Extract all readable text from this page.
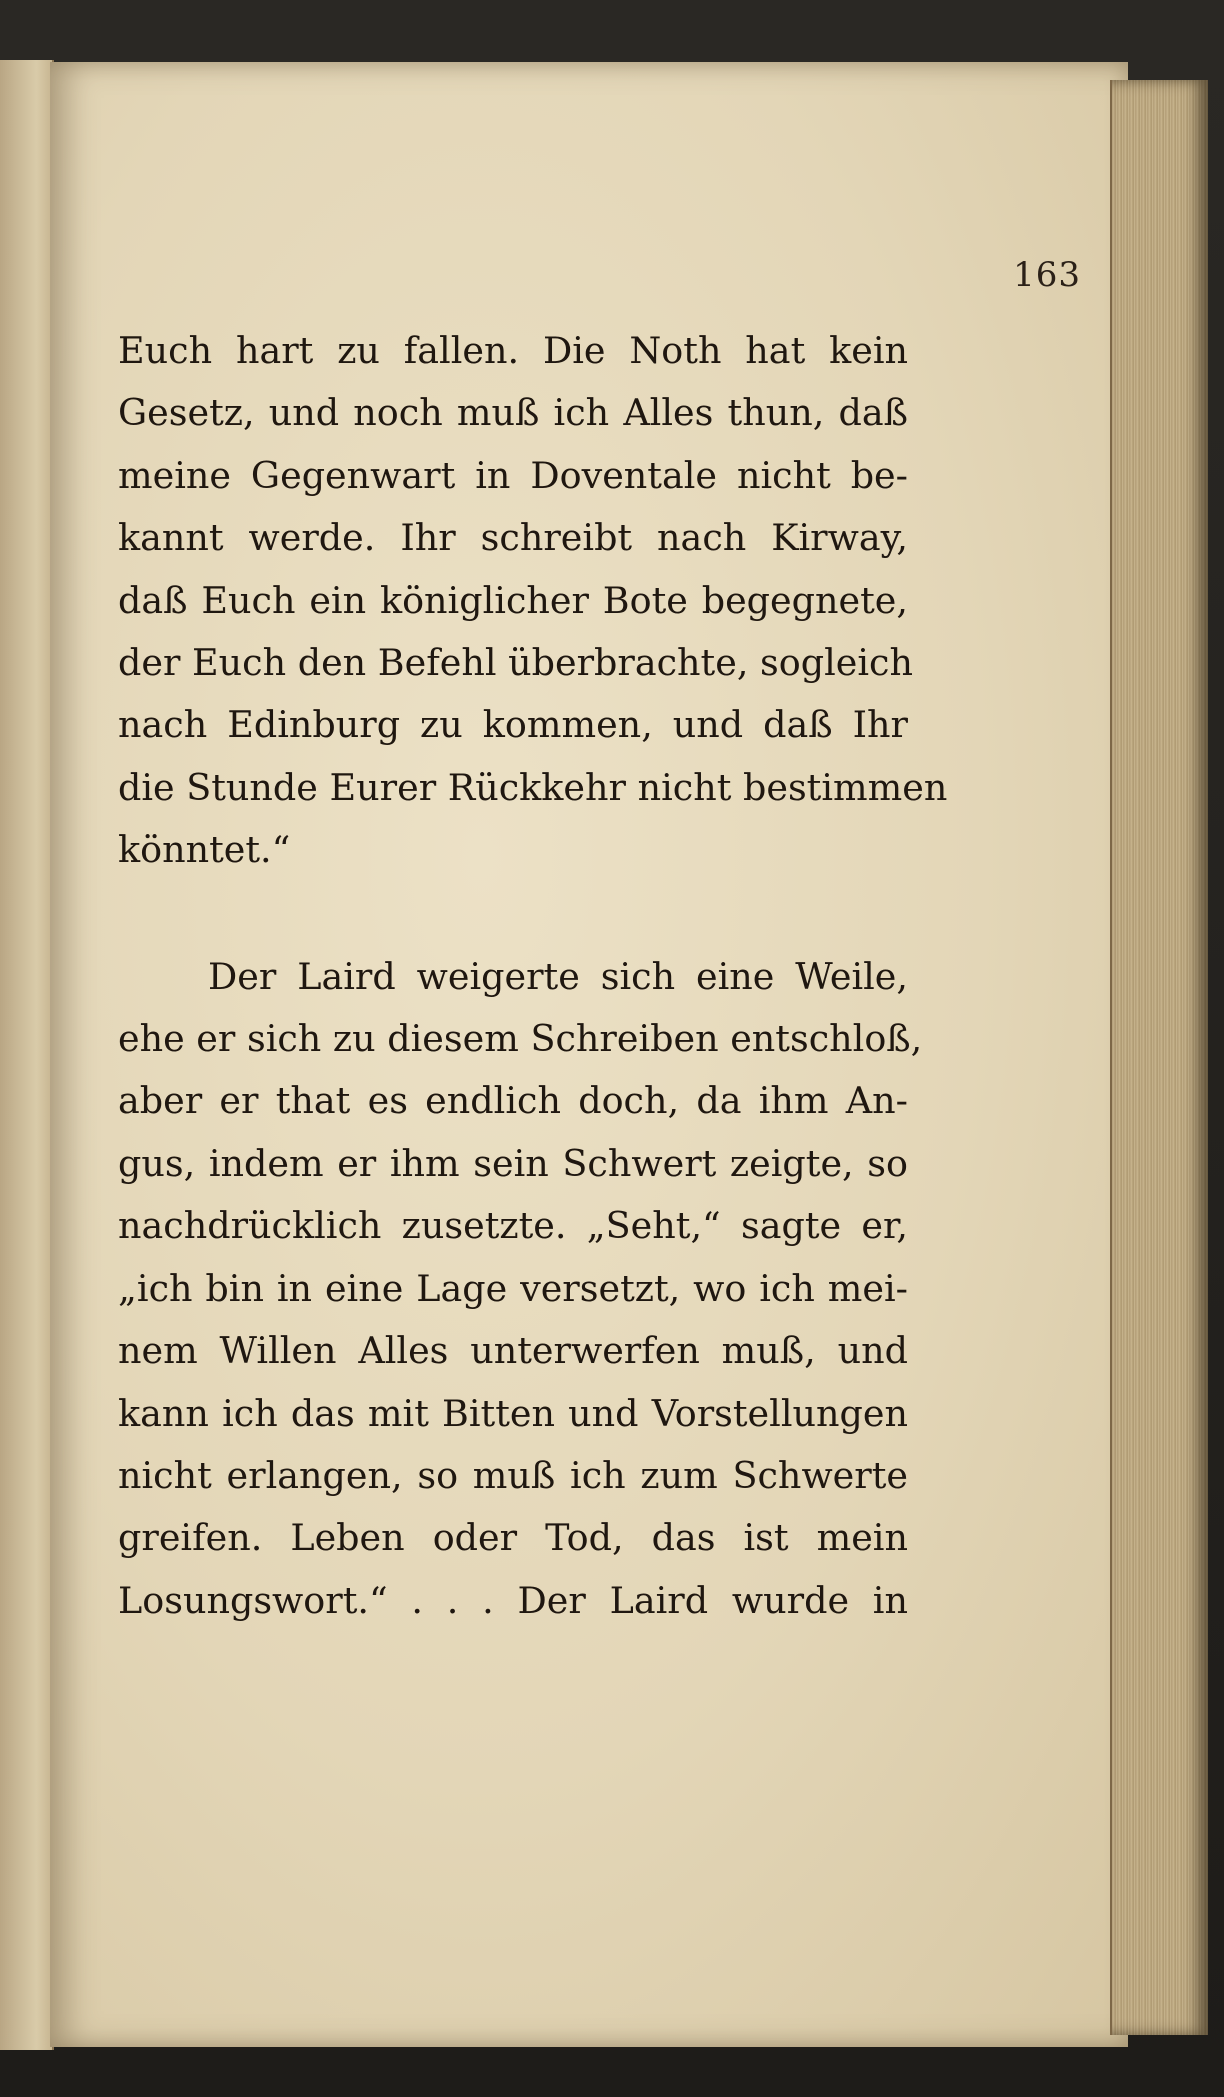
163
Euch hart zu fallen. Die Noth hat kein
Gesetz, und noch muß ich Alles thun, daß
meine Gegenwart in Doventale nicht be-
kannt werde. Ihr schreibt nach Kirway,
daß Euch ein königlicher Bote begegnete,
der Euch den Befehl überbrachte, sogleich
nach Edinburg zu kommen, und daß Ihr
die Stunde Eurer Rückkehr nicht bestimmen
könntet.“
Der Laird weigerte sich eine Weile,
ehe er sich zu diesem Schreiben entschloß,
aber er that es endlich doch, da ihm An-
gus, indem er ihm sein Schwert zeigte, so
nachdrücklich zusetzte. „Seht,“ sagte er,
„ich bin in eine Lage versetzt, wo ich mei-
nem Willen Alles unterwerfen muß, und
kann ich das mit Bitten und Vorstellungen
nicht erlangen, so muß ich zum Schwerte
greifen. Leben oder Tod, das ist mein
Losungswort.“ . . . Der Laird wurde in
